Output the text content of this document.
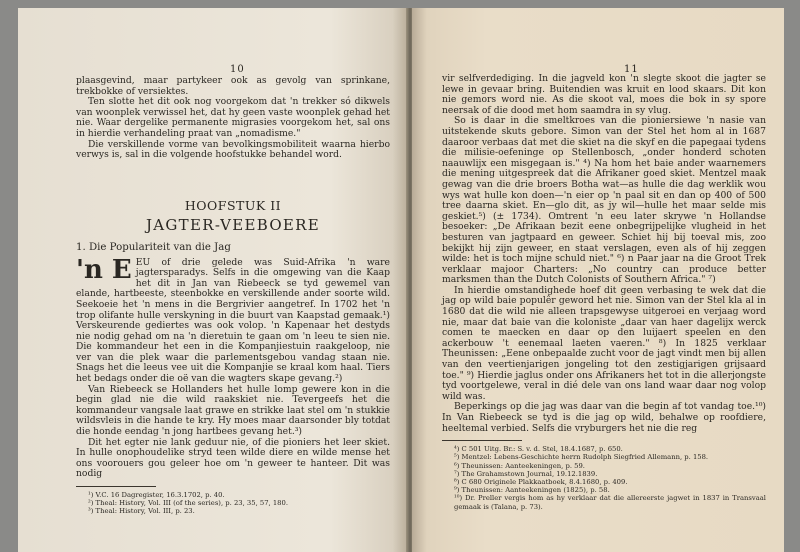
10

plaasgevind, maar partykeer ook as gevolg van sprinkane, trekbokke of versiektes.

Ten slotte het dit ook nog voorgekom dat 'n trekker só dikwels van woonplek verwissel het, dat hy geen vaste woonplek gehad het nie. Waar dergelike permanente migrasies voorgekom het, sal ons in hierdie verhandeling praat van „nomadisme."

Die verskillende vorme van bevolkingsmobiliteit waarna hierbo verwys is, sal in die volgende hoofstukke behandel word.

HOOFSTUK II
JAGTER-VEEBOERE
1. Die Populariteit van die Jag

'n E EU of drie gelede was Suid-Afrika 'n ware jagtersparadys. Selfs in die omgewing van die Kaap het dit in Jan van Riebeeck se tyd gewemel van elande, hartbeeste, steenbokke en verskillende ander soorte wild. Seekoeie het 'n mens in die Bergrivier aangetref. In 1702 het 'n trop olifante hulle verskyning in die buurt van Kaapstad gemaak.¹) Verskeurende gediertes was ook volop. 'n Kapenaar het destyds nie nodig gehad om na 'n dieretuin te gaan om 'n leeu te sien nie. Die kommandeur het een in die Kompanjiestuin raakgeloop, nie ver van die plek waar die parlementsgebou vandag staan nie. Snags het die leeus vee uit die Kompanjie se kraal kom haal. Tiers het bedags onder die oë van die wagters skape gevang.²)

Van Riebeeck se Hollanders het hulle lomp gewere kon in die begin glad nie die wild raakskiet nie. Tevergeefs het die kommandeur vangsale laat grawe en strikke laat stel om 'n stukkie wildsvleis in die hande te kry. Hy moes maar daarsonder bly totdat die honde eendag 'n jong hartbees gevang het.³)

Dit het egter nie lank geduur nie, of die pioniers het leer skiet. In hulle onophoudelike stryd teen wilde diere en wilde mense het ons voorouers gou geleer hoe om 'n geweer te hanteer. Dit was nodig

¹) V.C. 16 Dagregister, 16.3.1702, p. 40.
²) Theal: History, Vol. III (of the series), p. 23, 35, 57, 180.
³) Theal: History, Vol. III, p. 23.
11

vir selfverdediging. In die jagveld kon 'n slegte skoot die jagter se lewe in gevaar bring. Buitendien was kruit en lood skaars. Dit kon nie gemors word nie. As die skoot val, moes die bok in sy spore neersak of die dood met hom saamdra in sy vlug.

So is daar in die smeltkroes van die pioniersiewe 'n nasie van uitstekende skuts gebore. Simon van der Stel het hom al in 1687 daaroor verbaas dat met die skiet na die skyf en die papegaai tydens die milisie-oefeninge op Stellenbosch, „onder honderd schoten naauwlijx een misgegaan is." ⁴) Na hom het baie ander waarnemers die mening uitgespreek dat die Afrikaner goed skiet. Mentzel maak gewag van die drie broers Botha wat—as hulle die dag werklik wou wys wat hulle kon doen—'n eier op 'n paal sit en dan op 400 of 500 tree daarna skiet. En—glo dit, as jy wil—hulle het maar selde mis geskiet.⁵) (± 1734). Omtrent 'n eeu later skrywe 'n Hollandse besoeker: „De Afrikaan bezit eene onbegrijpelijke vlugheid in het besturen van jagtpaard en geweer. Schiet hij bij toeval mis, zoo bekijkt hij zijn geweer, en staat verslagen, even als of hij zeggen wilde: het is toch mijne schuld niet." ⁶) n Paar jaar na die Groot Trek verklaar majoor Charters: „No country can produce better marksmen than the Dutch Colonists of Southern Africa." ⁷)

In hierdie omstandighede hoef dit geen verbasing te wek dat die jag op wild baie populêr geword het nie. Simon van der Stel kla al in 1680 dat die wild nie alleen trapsgewyse uitgeroei en verjaag word nie, maar dat baie van die koloniste „daar van haer dagelijx werck comen te maecken en daar op den luijaert speelen en den ackerbouw 't eenemaal laeten vaeren." ⁸) In 1825 verklaar Theunissen: „Eene onbepaalde zucht voor de jagt vindt men bij allen van den veertienjarigen jongeling tot den zestigjarigen grijsaard toe." ⁹) Hierdie jaglus onder ons Afrikaners het tot in die allerjongste tyd voortgelewe, veral in dié dele van ons land waar daar nog volop wild was.

Beperkings op die jag was daar van die begin af tot vandag toe.¹⁰) In Van Riebeeck se tyd is die jag op wild, behalwe op roofdiere, heeltemal verbied. Selfs die vryburgers het nie die reg

⁴) C 501 Uitg. Br.: S. v. d. Stel, 18.4.1687, p. 650.
⁵) Mentzel: Lebens-Geschichte herrn Rudolph Siegfried Allemann, p. 158.
⁶) Theunissen: Aanteekeningen, p. 59.
⁷) The Grahamstown Journal, 19.12.1839.
⁸) C 680 Originele Plakkaatboek, 8.4.1680, p. 409.
⁹) Theunissen: Aanteekeningen (1825), p. 58.
¹⁰) Dr. Preller vergis hom as hy verklaar dat die allereerste jagwet in 1837 in Transvaal gemaak is (Talana, p. 73).
